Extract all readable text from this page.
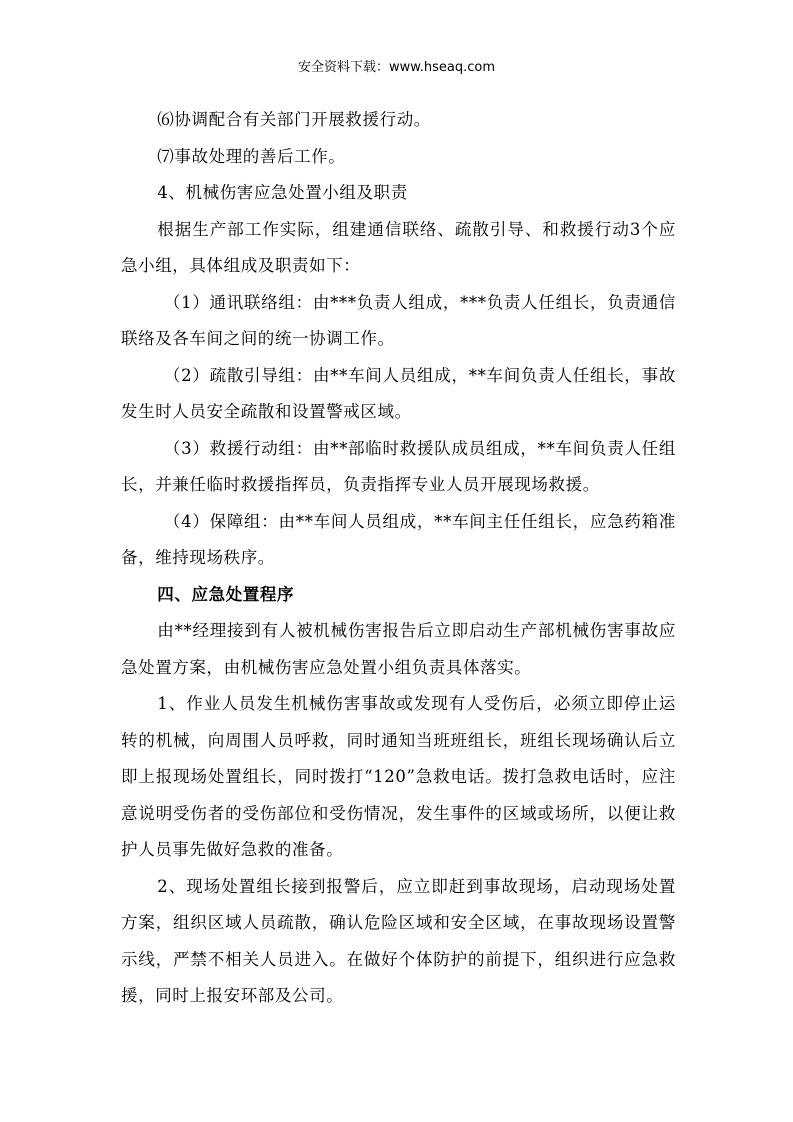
安全资料下载：www.hseaq.com

⑹协调配合有关部门开展救援行动。

⑺事故处理的善后工作。

4、机械伤害应急处置小组及职责

根据生产部工作实际，组建通信联络、疏散引导、和救援行动3个应急小组，具体组成及职责如下：

（1）通讯联络组：由***负责人组成，***负责人任组长，负责通信联络及各车间之间的统一协调工作。

（2）疏散引导组：由**车间人员组成，**车间负责人任组长，事故发生时人员安全疏散和设置警戒区域。

（3）救援行动组：由**部临时救援队成员组成，**车间负责人任组长，并兼任临时救援指挥员，负责指挥专业人员开展现场救援。

（4）保障组：由**车间人员组成，**车间主任任组长，应急药箱准备，维持现场秩序。

四、应急处置程序

由**经理接到有人被机械伤害报告后立即启动生产部机械伤害事故应急处置方案，由机械伤害应急处置小组负责具体落实。

1、作业人员发生机械伤害事故或发现有人受伤后，必须立即停止运转的机械，向周围人员呼救，同时通知当班班组长，班组长现场确认后立即上报现场处置组长，同时拨打“120”急救电话。拨打急救电话时，应注意说明受伤者的受伤部位和受伤情况，发生事件的区域或场所，以便让救护人员事先做好急救的准备。

2、现场处置组长接到报警后，应立即赶到事故现场，启动现场处置方案，组织区域人员疏散，确认危险区域和安全区域，在事故现场设置警示线，严禁不相关人员进入。在做好个体防护的前提下，组织进行应急救援，同时上报安环部及公司。
